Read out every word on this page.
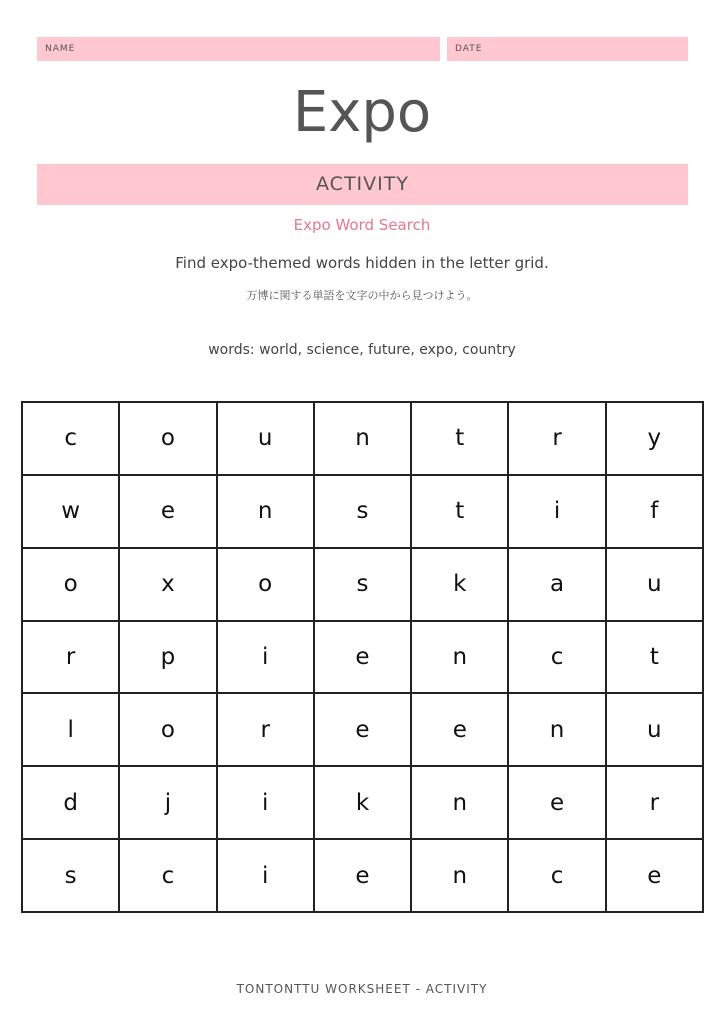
NAME	DATE
Expo
ACTIVITY
Expo Word Search
Find expo-themed words hidden in the letter grid.
万博に関する単語を文字の中から見つけよう。
words: world, science, future, expo, country
c	o	u	n	t	r	y
w	e	n	s	t	i	f
o	x	o	s	k	a	u
r	p	i	e	n	c	t
l	o	r	e	e	n	u
d	j	i	k	n	e	r
s	c	i	e	n	c	e
TONTONTTU WORKSHEET - ACTIVITY
